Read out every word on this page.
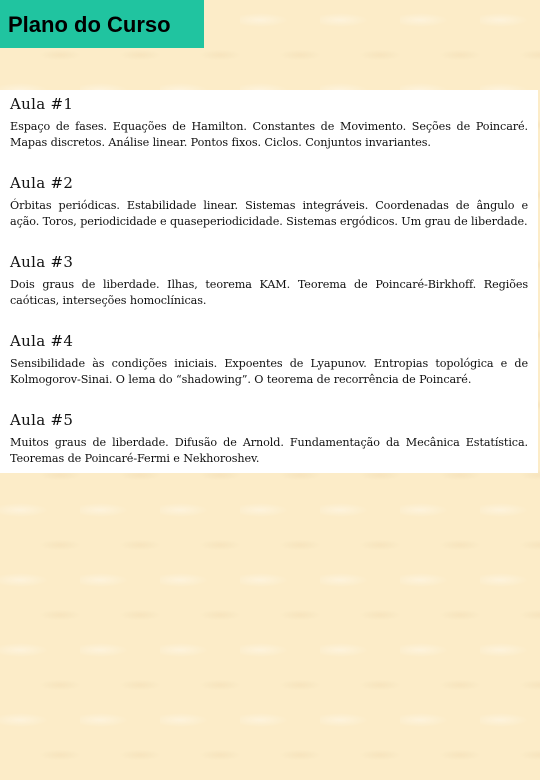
Plano do Curso
Aula #1

Espaço de fases. Equações de Hamilton. Constantes de Movimento. Seções de Poincaré. Mapas discretos. Análise linear. Pontos fixos. Ciclos. Conjuntos invariantes.

Aula #2

Órbitas periódicas. Estabilidade linear. Sistemas integráveis. Coordenadas de ângulo e ação. Toros, periodicidade e quaseperiodicidade. Sistemas ergódicos. Um grau de liberdade.

Aula #3

Dois graus de liberdade. Ilhas, teorema KAM. Teorema de Poincaré-Birkhoff. Regiões caóticas, interseções homoclínicas.

Aula #4

Sensibilidade às condições iniciais. Expoentes de Lyapunov. Entropias topológica e de Kolmogorov-Sinai. O lema do “shadowing”. O teorema de recorrência de Poincaré.

Aula #5

Muitos graus de liberdade. Difusão de Arnold. Fundamentação da Mecânica Estatística. Teoremas de Poincaré-Fermi e Nekhoroshev.
